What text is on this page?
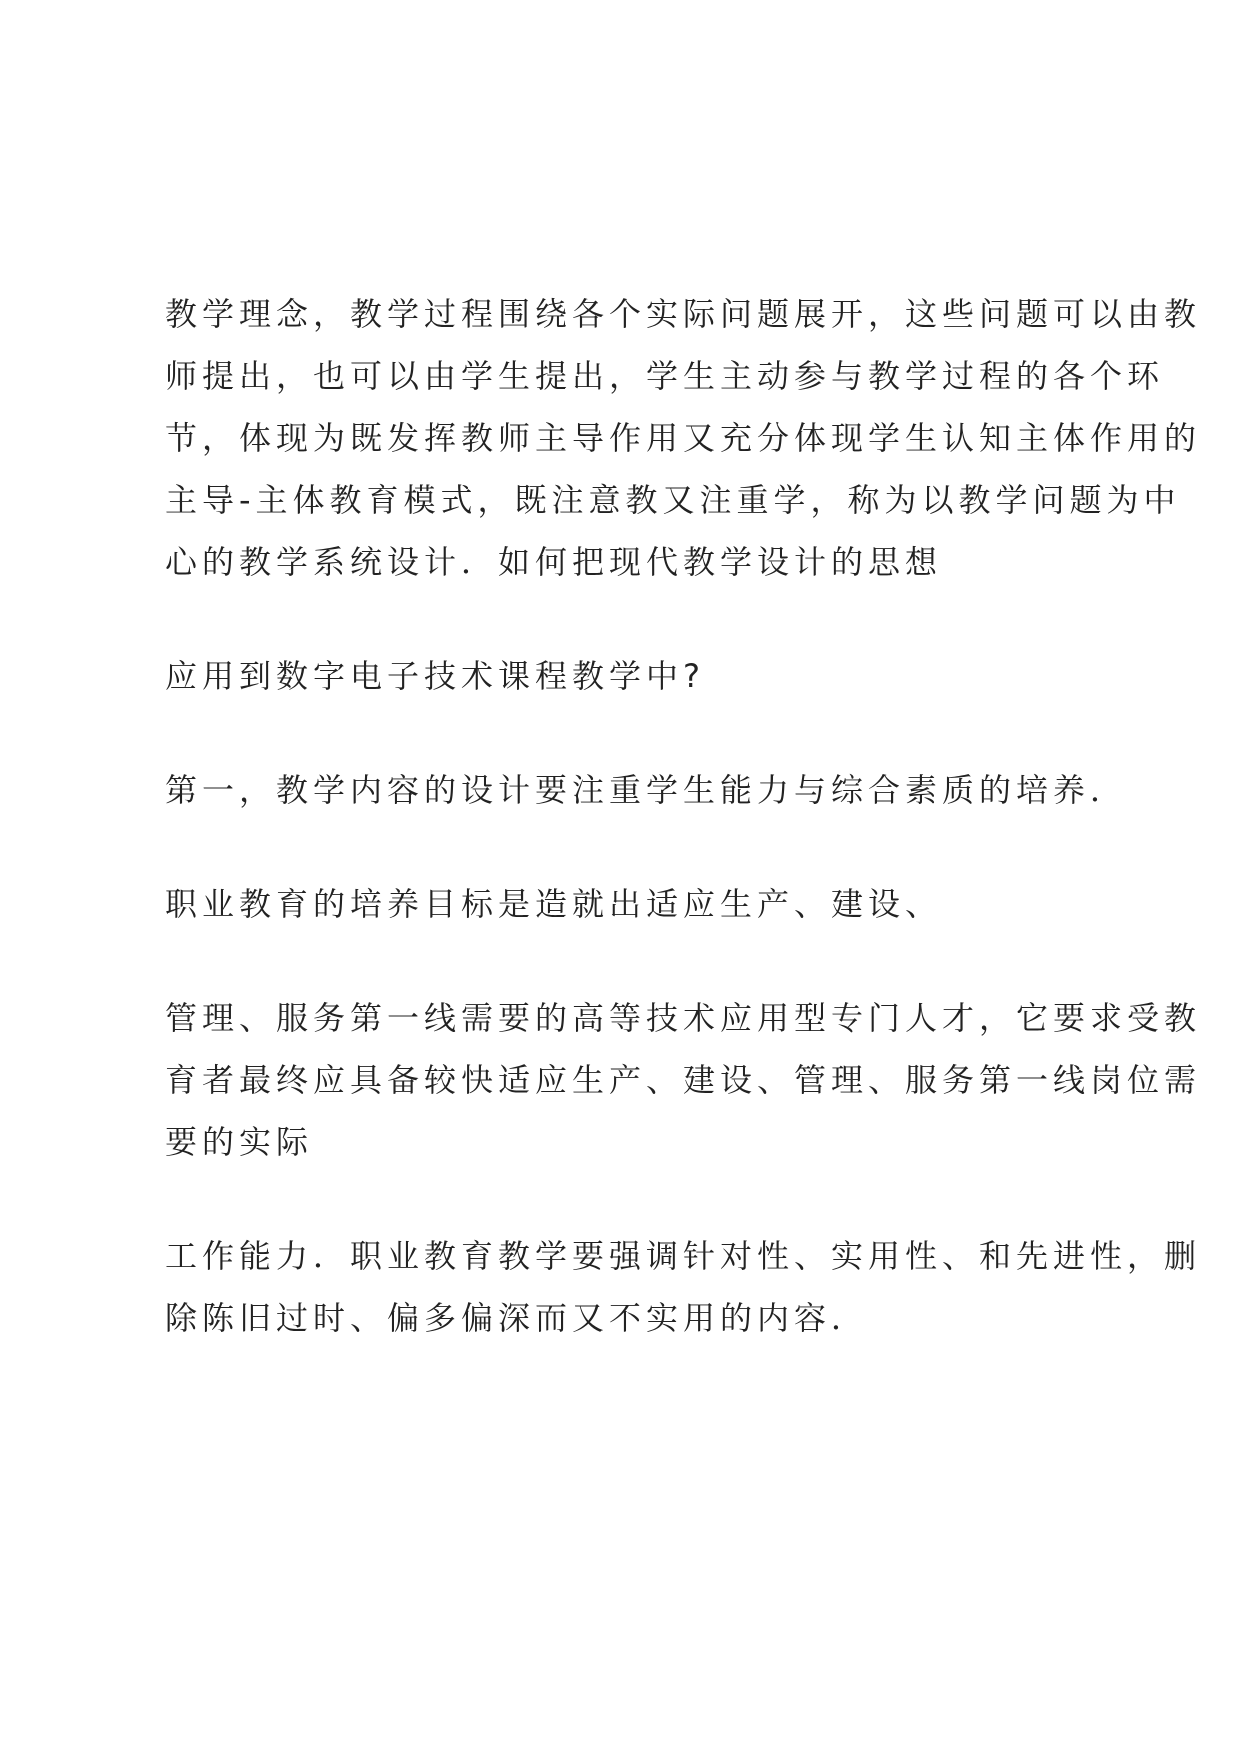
教学理念，教学过程围绕各个实际问题展开，这些问题可以由教
师提出，也可以由学生提出，学生主动参与教学过程的各个环
节，体现为既发挥教师主导作用又充分体现学生认知主体作用的
主导-主体教育模式，既注意教又注重学，称为以教学问题为中
心的教学系统设计．如何把现代教学设计的思想

应用到数字电子技术课程教学中?

第一，教学内容的设计要注重学生能力与综合素质的培养．

职业教育的培养目标是造就出适应生产、建设、

管理、服务第一线需要的高等技术应用型专门人才，它要求受教
育者最终应具备较快适应生产、建设、管理、服务第一线岗位需
要的实际

工作能力．职业教育教学要强调针对性、实用性、和先进性，删
除陈旧过时、偏多偏深而又不实用的内容．
